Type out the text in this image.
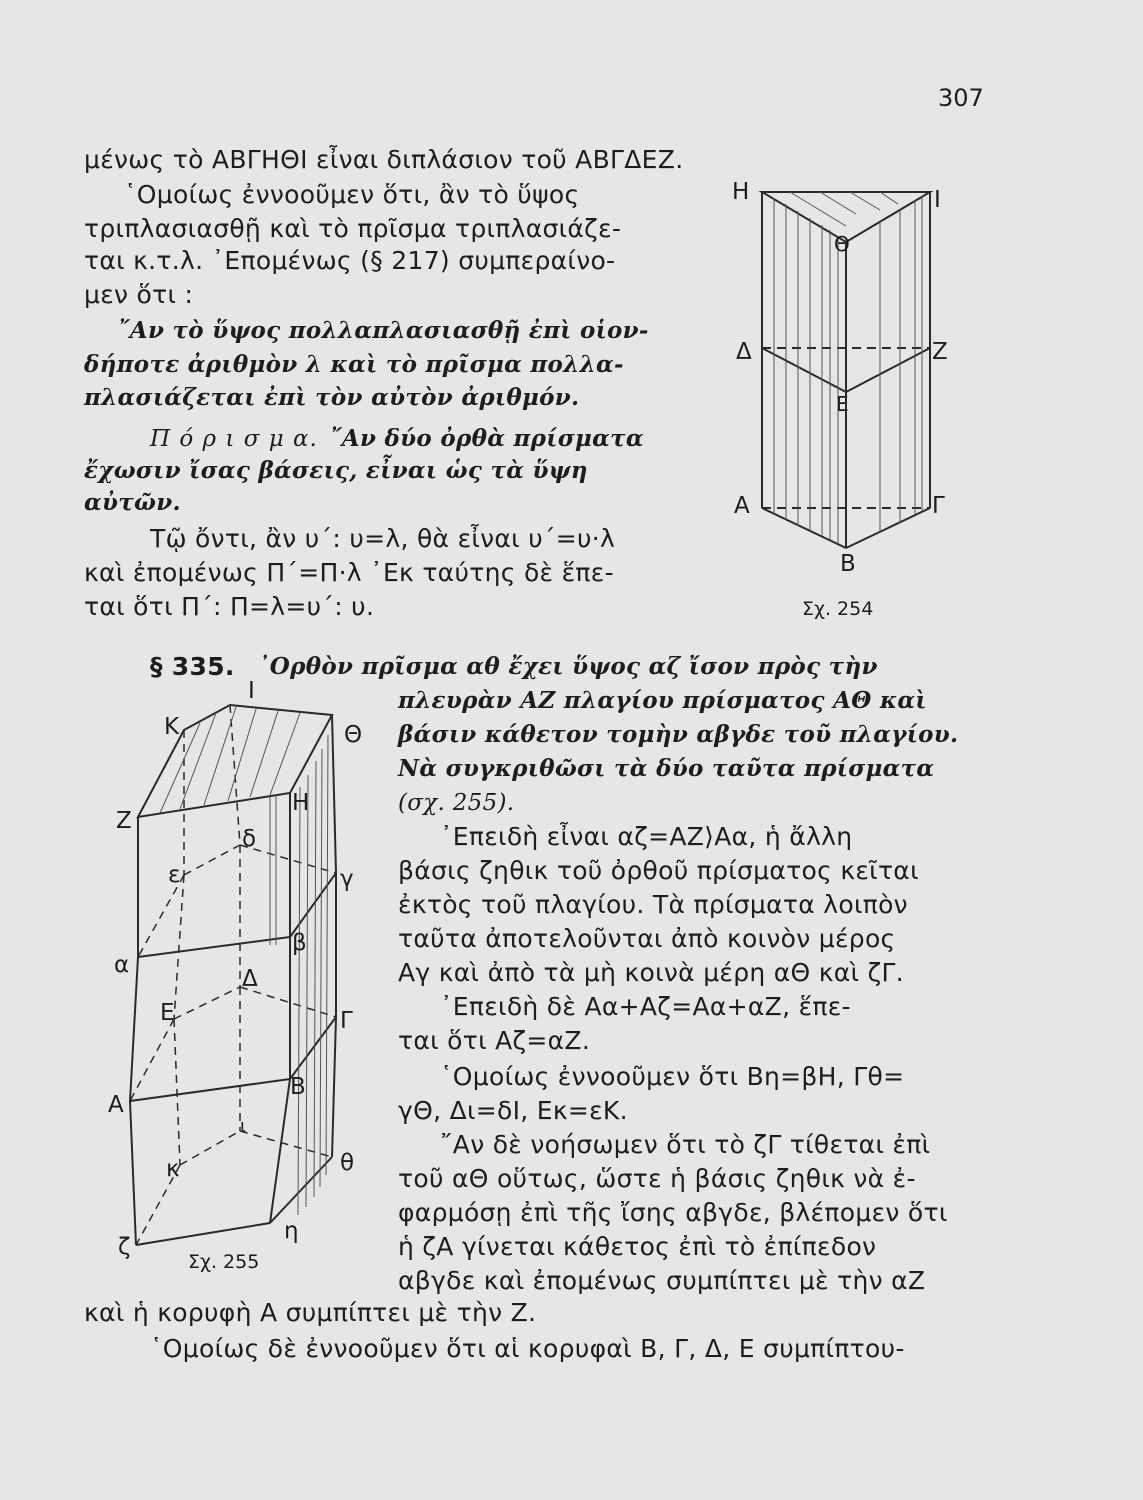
307
μένως τὸ ΑΒΓΗΘΙ εἶναι διπλάσιον τοῦ ΑΒΓΔΕΖ.
῾Ομοίως ἐννοοῦμεν ὅτι, ἂν τὸ ὕψος
τριπλασιασθῇ καὶ τὸ πρῖσμα τριπλασιάζε-
ται κ.τ.λ. ᾿Επομένως (§ 217) συμπεραίνο-
μεν ὅτι :
῎Αν τὸ ὕψος πολλαπλασιασθῇ ἐπὶ οἱον-
δήποτε ἀριθμὸν λ καὶ τὸ πρῖσμα πολλα-
πλασιάζεται ἐπὶ τὸν αὐτὸν ἀριθμόν.
Π ό ρ ι σ μ α. ῎Αν δύο ὀρθὰ πρίσματα
ἔχωσιν ἴσας βάσεις, εἶναι ὡς τὰ ὕψη
αὐτῶν.
Τῷ ὄντι, ἂν υ΄: υ=λ, θὰ εἶναι υ΄=υ·λ
καὶ ἐπομένως Π΄=Π·λ ᾿Εκ ταύτης δὲ ἕπε-
ται ὅτι Π΄: Π=λ=υ΄: υ.
H	I
Θ
Δ	Z
E
A	Γ
B
Σχ. 254
§ 335. ᾿Ορθὸν πρῖσμα αθ ἔχει ὕψος αζ ἴσον πρὸς τὴν
πλευρὰν ΑΖ πλαγίου πρίσματος ΑΘ καὶ
βάσιν κάθετον τομὴν αβγδε τοῦ πλαγίου.
Νὰ συγκριθῶσι τὰ δύο ταῦτα πρίσματα
(σχ. 255).
᾿Επειδὴ εἶναι αζ=ΑΖ⟩Αα, ἡ ἄλλη
βάσις ζηθικ τοῦ ὀρθοῦ πρίσματος κεῖται
ἐκτὸς τοῦ πλαγίου. Τὰ πρίσματα λοιπὸν
ταῦτα ἀποτελοῦνται ἀπὸ κοινὸν μέρος
Αγ καὶ ἀπὸ τὰ μὴ κοινὰ μέρη αΘ καὶ ζΓ.
᾿Επειδὴ δὲ Αα+Αζ=Αα+αΖ, ἕπε-
ται ὅτι Αζ=αΖ.
῾Ομοίως ἐννοοῦμεν ὅτι Βη=βΗ, Γθ=
γΘ, Δι=δΙ, Εκ=εΚ.
῎Αν δὲ νοήσωμεν ὅτι τὸ ζΓ τίθεται ἐπὶ
τοῦ αΘ οὕτως, ὥστε ἡ βάσις ζηθικ νὰ ἐ-
φαρμόσῃ ἐπὶ τῆς ἴσης αβγδε, βλέπομεν ὅτι
ἡ ζΑ γίνεται κάθετος ἐπὶ τὸ ἐπίπεδον
αβγδε καὶ ἐπομένως συμπίπτει μὲ τὴν αΖ
I
K	Θ
H
Z
δ
ε	γ
β
α
Δ
E	Γ
B
A
ι
κ	θ
η
ζ
Σχ. 255
καὶ ἡ κορυφὴ Α συμπίπτει μὲ τὴν Ζ.
῾Ομοίως δὲ ἐννοοῦμεν ὅτι αἱ κορυφαὶ Β, Γ, Δ, Ε συμπίπτου-
